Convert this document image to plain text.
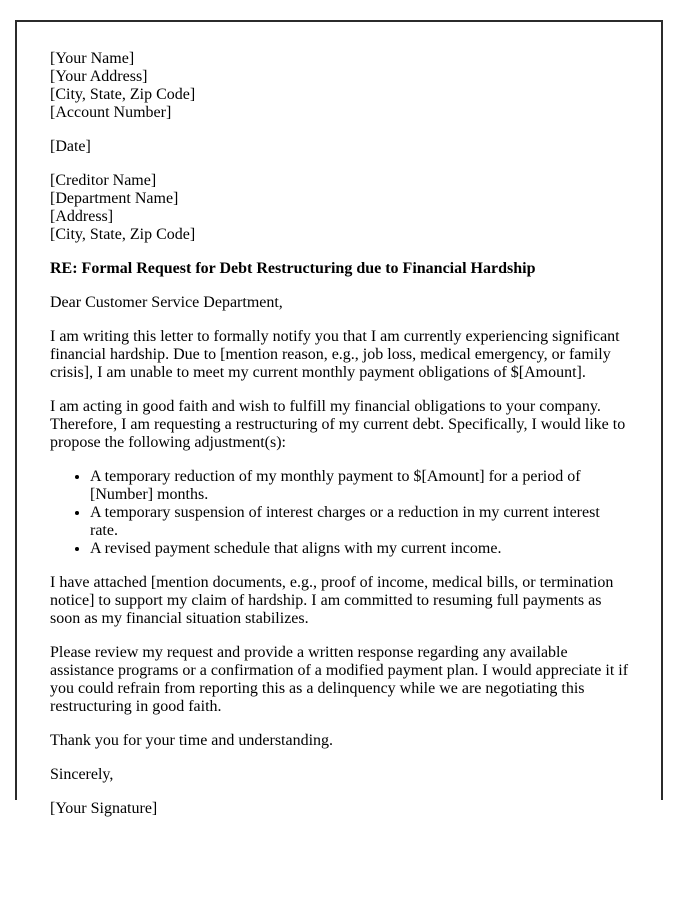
[Your Name]
[Your Address]
[City, State, Zip Code]
[Account Number]

[Date]

[Creditor Name]
[Department Name]
[Address]
[City, State, Zip Code]

RE: Formal Request for Debt Restructuring due to Financial Hardship

Dear Customer Service Department,

I am writing this letter to formally notify you that I am currently experiencing significant financial hardship. Due to [mention reason, e.g., job loss, medical emergency, or family crisis], I am unable to meet my current monthly payment obligations of $[Amount].

I am acting in good faith and wish to fulfill my financial obligations to your company. Therefore, I am requesting a restructuring of my current debt. Specifically, I would like to propose the following adjustment(s):

• A temporary reduction of my monthly payment to $[Amount] for a period of [Number] months.
• A temporary suspension of interest charges or a reduction in my current interest rate.
• A revised payment schedule that aligns with my current income.

I have attached [mention documents, e.g., proof of income, medical bills, or termination notice] to support my claim of hardship. I am committed to resuming full payments as soon as my financial situation stabilizes.

Please review my request and provide a written response regarding any available assistance programs or a confirmation of a modified payment plan. I would appreciate it if you could refrain from reporting this as a delinquency while we are negotiating this restructuring in good faith.

Thank you for your time and understanding.

Sincerely,

[Your Signature]
